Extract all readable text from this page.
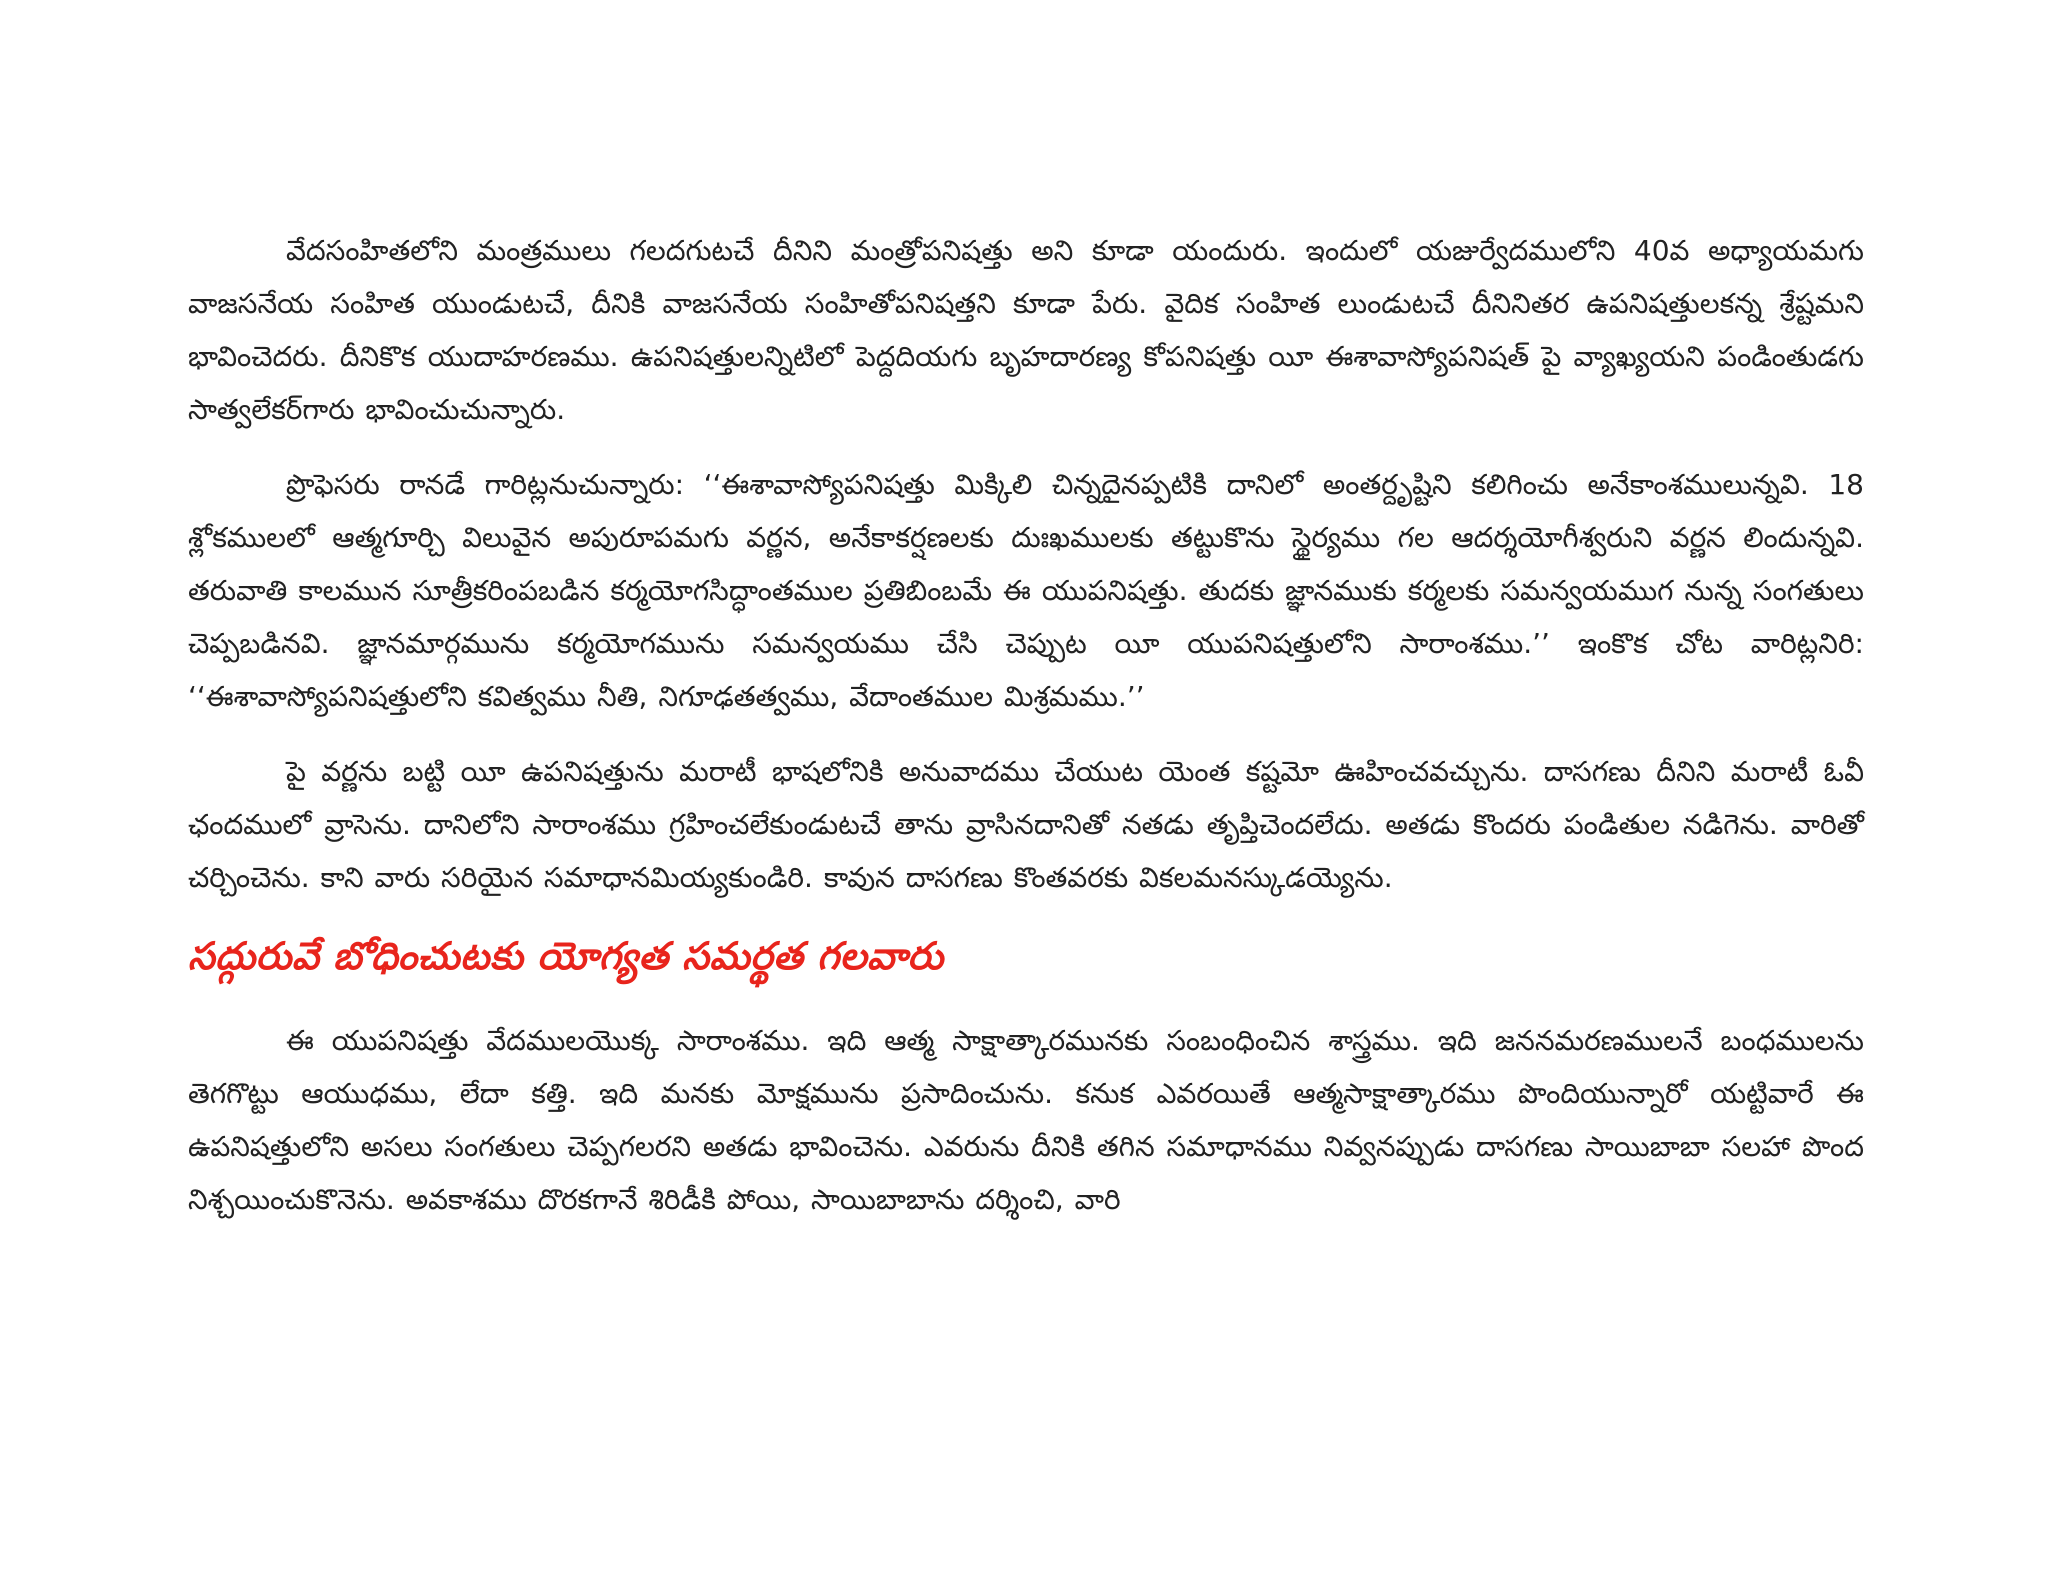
వేదసంహితలోని మంత్రములు గలదగుటచే దీనిని మంత్రోపనిషత్తు అని కూడా యందురు. ఇందులో యజుర్వేదములోని 40వ అధ్యాయమగు వాజసనేయ సంహిత యుండుటచే, దీనికి వాజసనేయ సంహితోపనిషత్తని కూడా పేరు. వైదిక సంహిత లుండుటచే దీనినితర ఉపనిషత్తులకన్న శ్రేష్టమని భావించెదరు. దీనికొక యుదాహరణము. ఉపనిషత్తులన్నిటిలో పెద్దదియగు బృహదారణ్య కోపనిషత్తు యీ ఈశావాస్యోపనిషత్ పై వ్యాఖ్యయని పండింతుడగు సాత్వలేకర్‌గారు భావించుచున్నారు.

ప్రొఫెసరు రానడే గారిట్లనుచున్నారు: ‘‘ఈశావాస్యోపనిషత్తు మిక్కిలి చిన్నదైనప్పటికి దానిలో అంతర్దృష్టిని కలిగించు అనేకాంశములున్నవి. 18 శ్లోకములలో ఆత్మగూర్చి విలువైన అపురూపమగు వర్ణన, అనేకాకర్షణలకు దుఃఖములకు తట్టుకొను స్థైర్యము గల ఆదర్శయోగీశ్వరుని వర్ణన లిందున్నవి. తరువాతి కాలమున సూత్రీకరింపబడిన కర్మయోగసిద్ధాంతముల ప్రతిబింబమే ఈ యుపనిషత్తు. తుదకు జ్ఞానముకు కర్మలకు సమన్వయముగ నున్న సంగతులు చెప్పబడినవి. జ్ఞానమార్గమును కర్మయోగమును సమన్వయము చేసి చెప్పుట యీ యుపనిషత్తులోని సారాంశము.’’ ఇంకొక చోట వారిట్లనిరి: ‘‘ఈశావాస్యోపనిషత్తులోని కవిత్వము నీతి, నిగూఢతత్వము, వేదాంతముల మిశ్రమము.’’

పై వర్ణను బట్టి యీ ఉపనిషత్తును మరాటీ భాషలోనికి అనువాదము చేయుట యెంత కష్టమో ఊహించవచ్చును. దాసగణు దీనిని మరాటీ ఓవీ ఛందములో వ్రాసెను. దానిలోని సారాంశము గ్రహించలేకుండుటచే తాను వ్రాసినదానితో నతడు తృప్తిచెందలేదు. అతడు కొందరు పండితుల నడిగెను. వారితో చర్చించెను. కాని వారు సరియైన సమాధానమియ్యకుండిరి. కావున దాసగణు కొంతవరకు వికలమనస్కుడయ్యెను.

సద్గురువే బోధించుటకు యోగ్యత సమర్థత గలవారు

ఈ యుపనిషత్తు వేదములయొక్క సారాంశము. ఇది ఆత్మ సాక్షాత్కారమునకు సంబంధించిన శాస్త్రము. ఇది జననమరణములనే బంధములను తెగగొట్టు ఆయుధము, లేదా కత్తి. ఇది మనకు మోక్షమును ప్రసాదించును. కనుక ఎవరయితే ఆత్మసాక్షాత్కారము పొందియున్నారో యట్టివారే ఈ ఉపనిషత్తులోని అసలు సంగతులు చెప్పగలరని అతడు భావించెను. ఎవరును దీనికి తగిన సమాధానము నివ్వనప్పుడు దాసగణు సాయిబాబా సలహా పొంద నిశ్చయించుకొనెను. అవకాశము దొరకగానే శిరిడీకి పోయి, సాయిబాబాను దర్శించి, వారి
